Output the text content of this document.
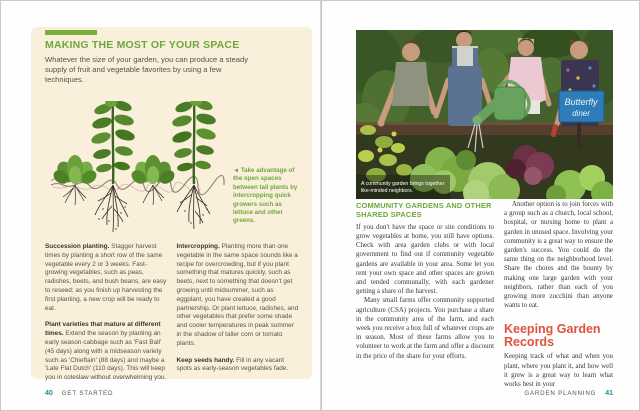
MAKING THE MOST OF YOUR SPACE

Whatever the size of your garden, you can produce a steady supply of fruit and vegetable favorites by using a few techniques.

◄ Take advantage of the open spaces between tall plants by intercropping quick growers such as lettuce and other greens.

Succession planting. Stagger harvest times by planting a short row of the same vegetable every 2 or 3 weeks. Fast-growing vegetables, such as peas, radishes, beets, and bush beans, are easy to reseed; as you finish up harvesting the first planting, a new crop will be ready to eat.

Plant varieties that mature at different times. Extend the season by planting an early season cabbage such as 'Fast Ball' (45 days) along with a midseason variety such as 'Chieftain' (88 days) and maybe a 'Late Flat Dutch' (110 days). This will keep you in coleslaw without overwhelming you.

Intercropping. Planting more than one vegetable in the same space sounds like a recipe for overcrowding, but if you plant something that matures quickly, such as beets, next to something that doesn't get growing until midsummer, such as eggplant, you have created a good partnership. Or plant lettuce, radishes, and other vegetables that prefer some shade and cooler temperatures in peak summer in the shadow of taller corn or tomato plants.

Keep seeds handy. Fill in any vacant spots as early-season vegetables fade.

40 GET STARTED
Butterfly
diner
A community garden brings together like-minded neighbors.
COMMUNITY GARDENS AND OTHER SHARED SPACES

If you don't have the space or site conditions to grow vegetables at home, you still have options. Check with area garden clubs or with local government to find out if community vegetable gardens are available in your area. Some let you rent your own space and other spaces are grown and tended communally, with each gardener getting a share of the harvest.

Many small farms offer community supported agriculture (CSA) projects. You purchase a share in the community area of the farm, and each week you receive a box full of whatever crops are in season. Most of these farms allow you to volunteer to work at the farm and offer a discount in the price of the share for your efforts.

Another option is to join forces with a group such as a church, local school, hospital, or nursing home to plant a garden in unused space. Involving your community is a great way to ensure the garden's success. You could do the same thing on the neighborhood level. Share the chores and the bounty by making one large garden with your neighbors, rather than each of you growing more zucchini than anyone wants to eat.

Keeping Garden Records

Keeping track of what and when you plant, where you plant it, and how well it grew is a great way to learn what works best in your

GARDEN PLANNING 41
